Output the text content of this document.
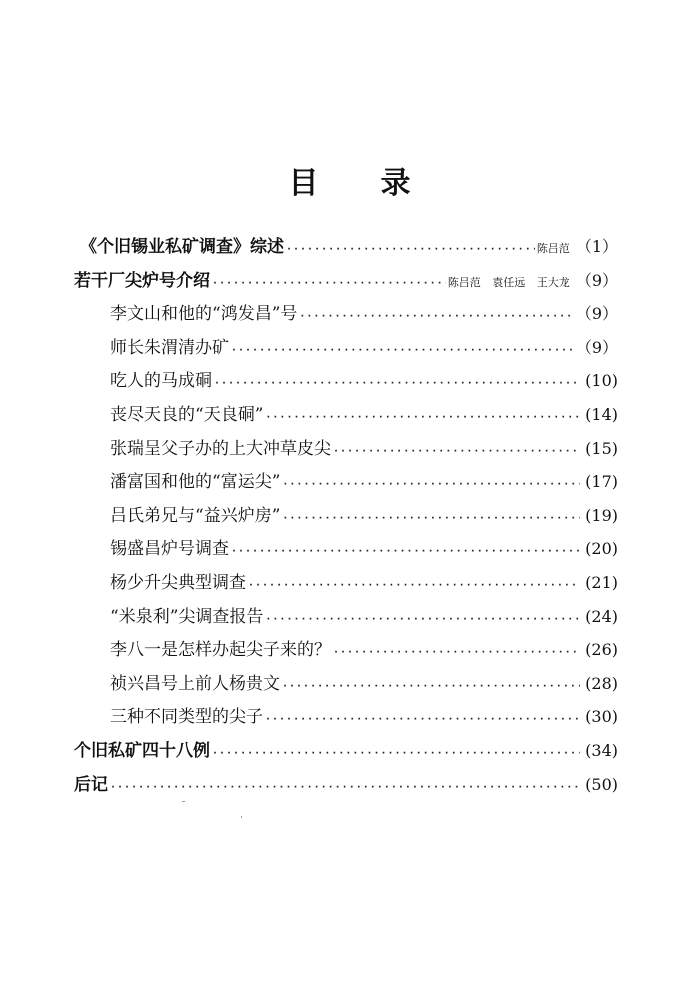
目 录
《个旧锡业私矿调查》综述 ·····	陈吕范 （1）
若干厂尖炉号介绍 ·····	陈吕范 袁任远 王大龙 （9）
李文山和他的“鸿发昌”号 ·····	（9）
师长朱渭清办矿 ·····	（9）
吃人的马成硐 ·····	(10)
丧尽天良的“天良硐” ·····	(14)
张瑞呈父子办的上大冲草皮尖 ·····	(15)
潘富国和他的“富运尖” ·····	(17)
吕氏弟兄与“益兴炉房” ·····	(19)
锡盛昌炉号调查 ·····	(20)
杨少升尖典型调查 ·····	(21)
“米泉利”尖调查报告 ·····	(24)
李八一是怎样办起尖子来的？ ·····	(26)
祯兴昌号上前人杨贵文 ·····	(28)
三种不同类型的尖子 ·····	(30)
个旧私矿四十八例 ·····	(34)
后记 ·····	(50)
